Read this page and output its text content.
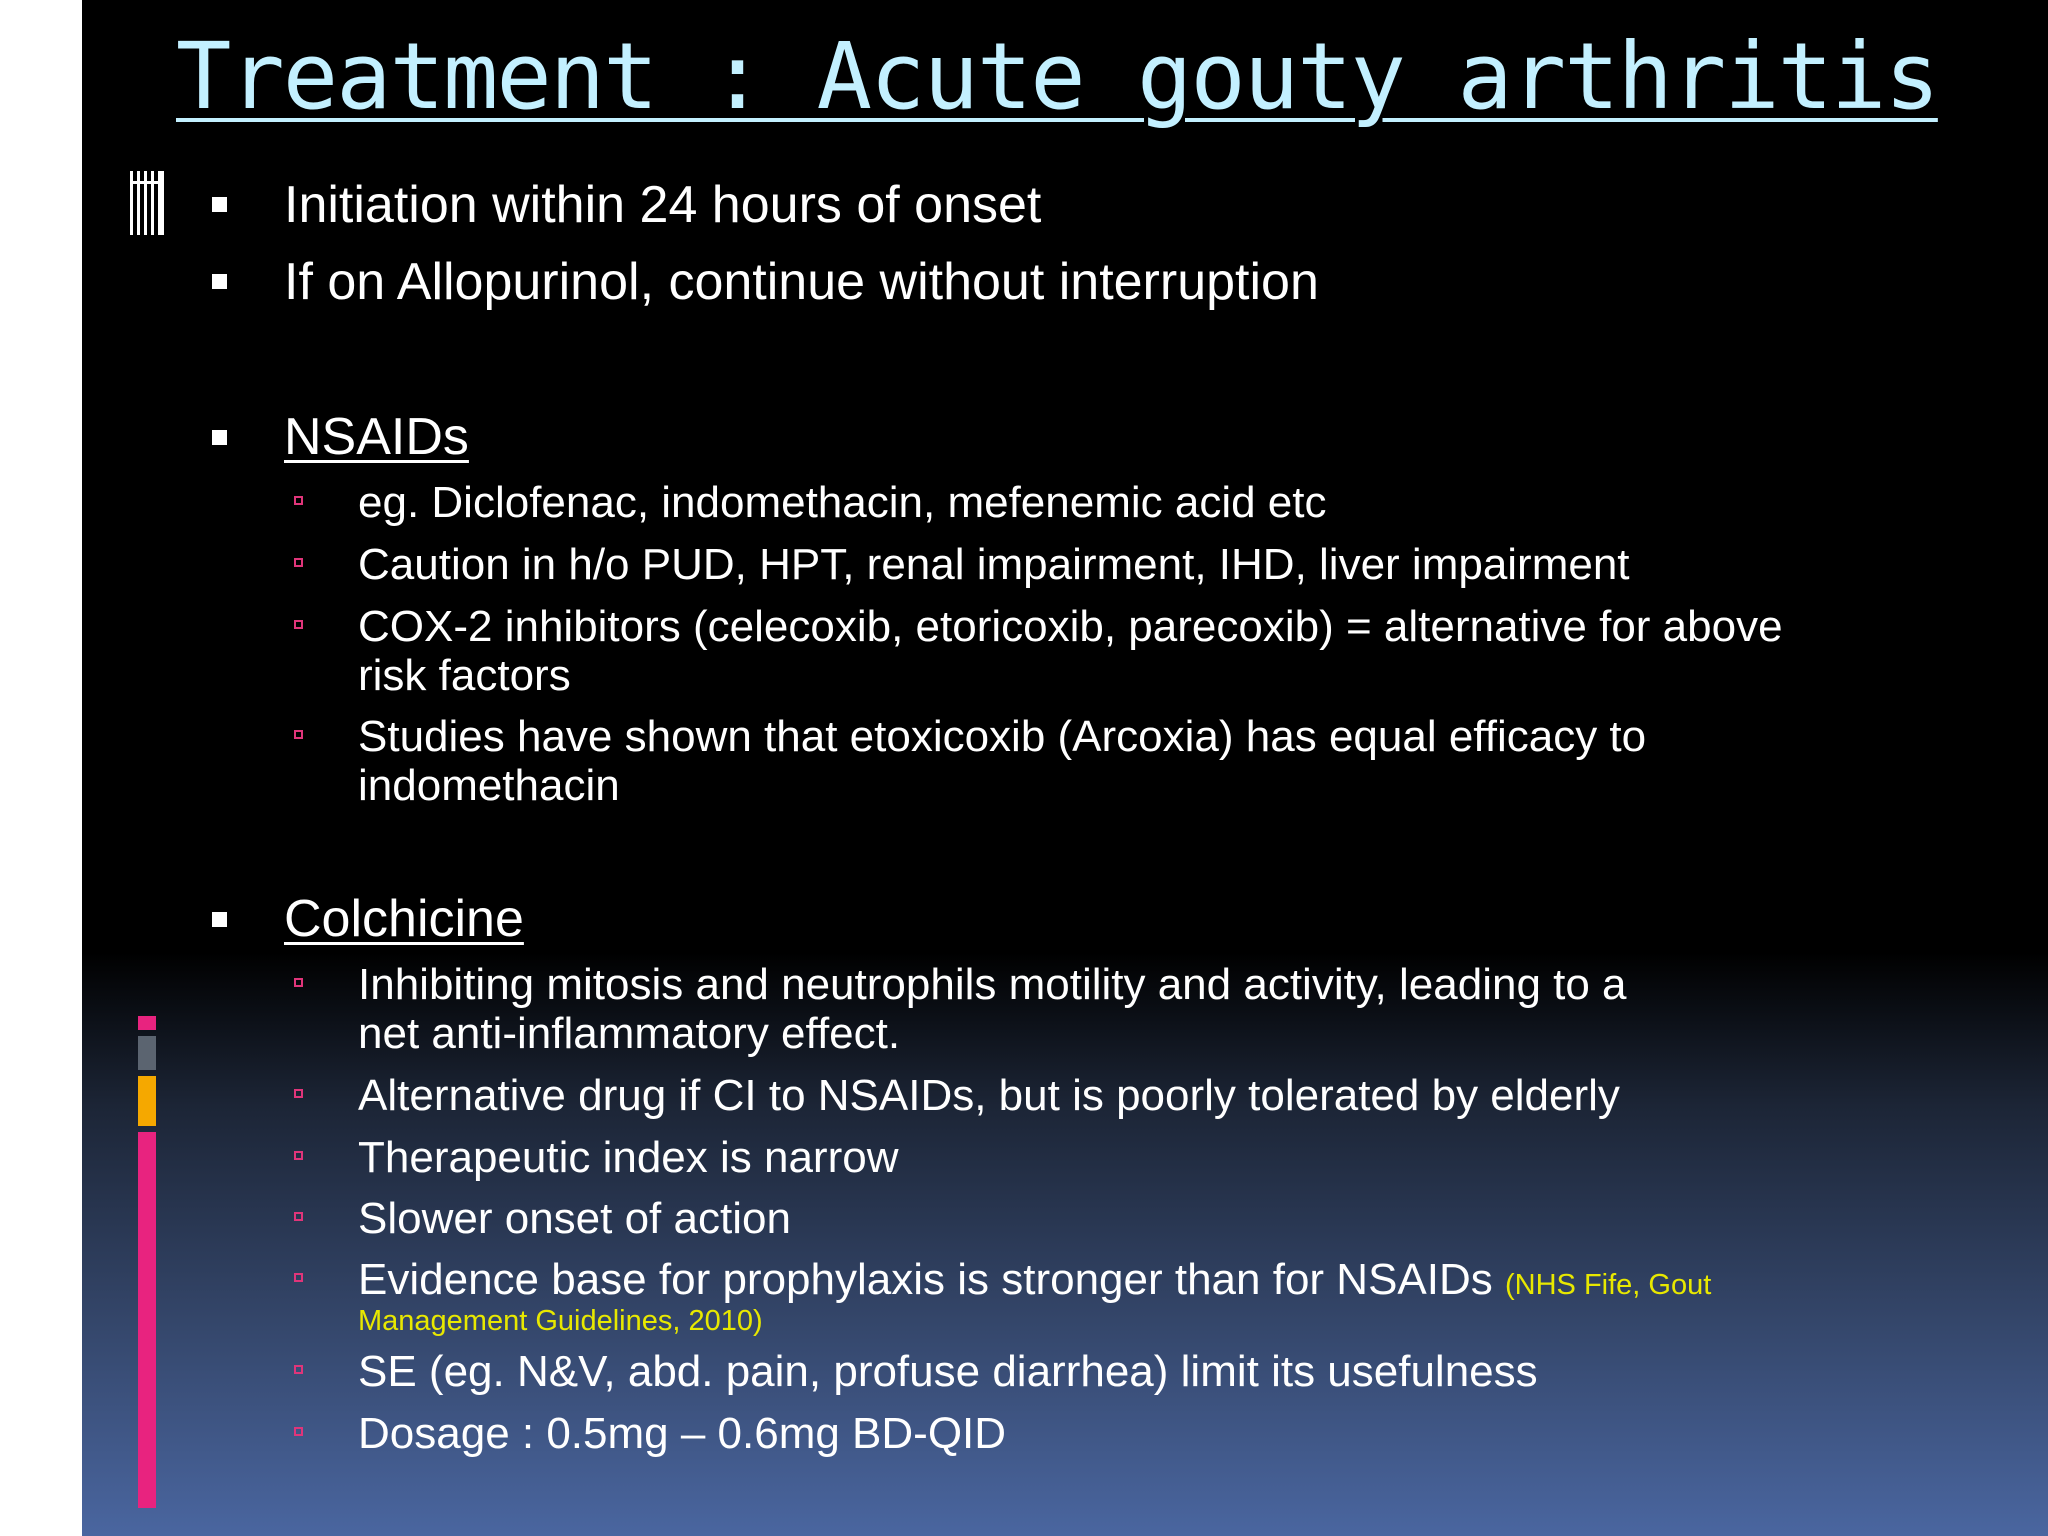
Treatment : Acute gouty arthritis
Initiation within 24 hours of onset
If on Allopurinol, continue without interruption
NSAIDs
eg. Diclofenac, indomethacin, mefenemic acid etc
Caution in h/o PUD, HPT, renal impairment, IHD, liver impairment
COX-2 inhibitors (celecoxib, etoricoxib, parecoxib) = alternative for above
risk factors
Studies have shown that etoxicoxib (Arcoxia) has equal efficacy to
indomethacin
Colchicine
Inhibiting mitosis and neutrophils motility and activity, leading to a
net anti-inflammatory effect.
Alternative drug if CI to NSAIDs, but is poorly tolerated by elderly
Therapeutic index is narrow
Slower onset of action
Evidence base for prophylaxis is stronger than for NSAIDs (NHS Fife, Gout
Management Guidelines, 2010)
SE (eg. N&V, abd. pain, profuse diarrhea) limit its usefulness
Dosage : 0.5mg – 0.6mg BD-QID
